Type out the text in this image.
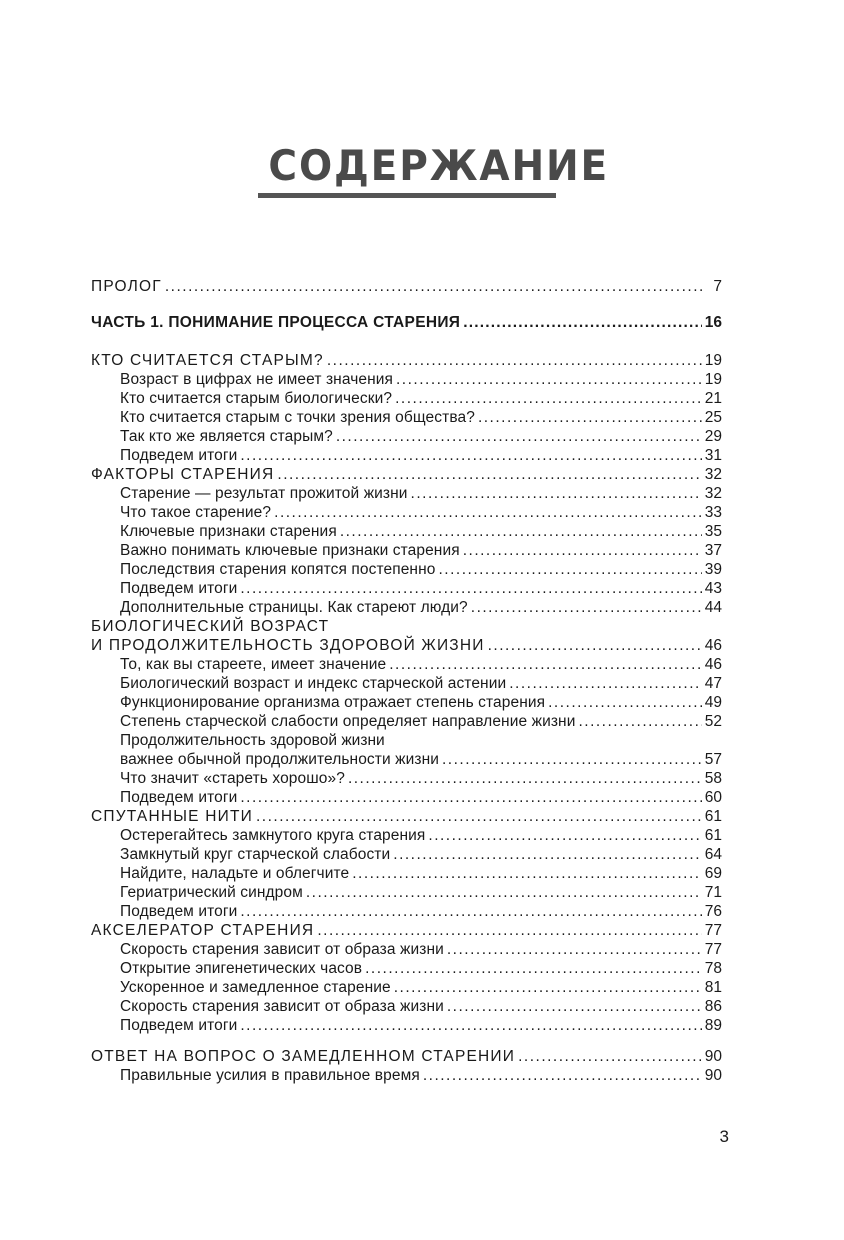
СОДЕРЖАНИЕ
ПРОЛОГ .....	7
ЧАСТЬ 1. ПОНИМАНИЕ ПРОЦЕССА СТАРЕНИЯ .....	16
КТО СЧИТАЕТСЯ СТАРЫМ? .....	19
Возраст в цифрах не имеет значения .....	19
Кто считается старым биологически? .....	21
Кто считается старым с точки зрения общества? .....	25
Так кто же является старым? .....	29
Подведем итоги .....	31
ФАКТОРЫ СТАРЕНИЯ .....	32
Старение — результат прожитой жизни .....	32
Что такое старение? .....	33
Ключевые признаки старения .....	35
Важно понимать ключевые признаки старения .....	37
Последствия старения копятся постепенно .....	39
Подведем итоги .....	43
Дополнительные страницы. Как стареют люди? .....	44
БИОЛОГИЧЕСКИЙ ВОЗРАСТ
И ПРОДОЛЖИТЕЛЬНОСТЬ ЗДОРОВОЙ ЖИЗНИ .....	46
То, как вы стареете, имеет значение .....	46
Биологический возраст и индекс старческой астении .....	47
Функционирование организма отражает степень старения .....	49
Степень старческой слабости определяет направление жизни .....	52
Продолжительность здоровой жизни
важнее обычной продолжительности жизни .....	57
Что значит «стареть хорошо»? .....	58
Подведем итоги .....	60
СПУТАННЫЕ НИТИ .....	61
Остерегайтесь замкнутого круга старения .....	61
Замкнутый круг старческой слабости .....	64
Найдите, наладьте и облегчите .....	69
Гериатрический синдром .....	71
Подведем итоги .....	76
АКСЕЛЕРАТОР СТАРЕНИЯ .....	77
Скорость старения зависит от образа жизни .....	77
Открытие эпигенетических часов .....	78
Ускоренное и замедленное старение .....	81
Скорость старения зависит от образа жизни .....	86
Подведем итоги .....	89
ОТВЕТ НА ВОПРОС О ЗАМЕДЛЕННОМ СТАРЕНИИ .....	90
Правильные усилия в правильное время .....	90
3
